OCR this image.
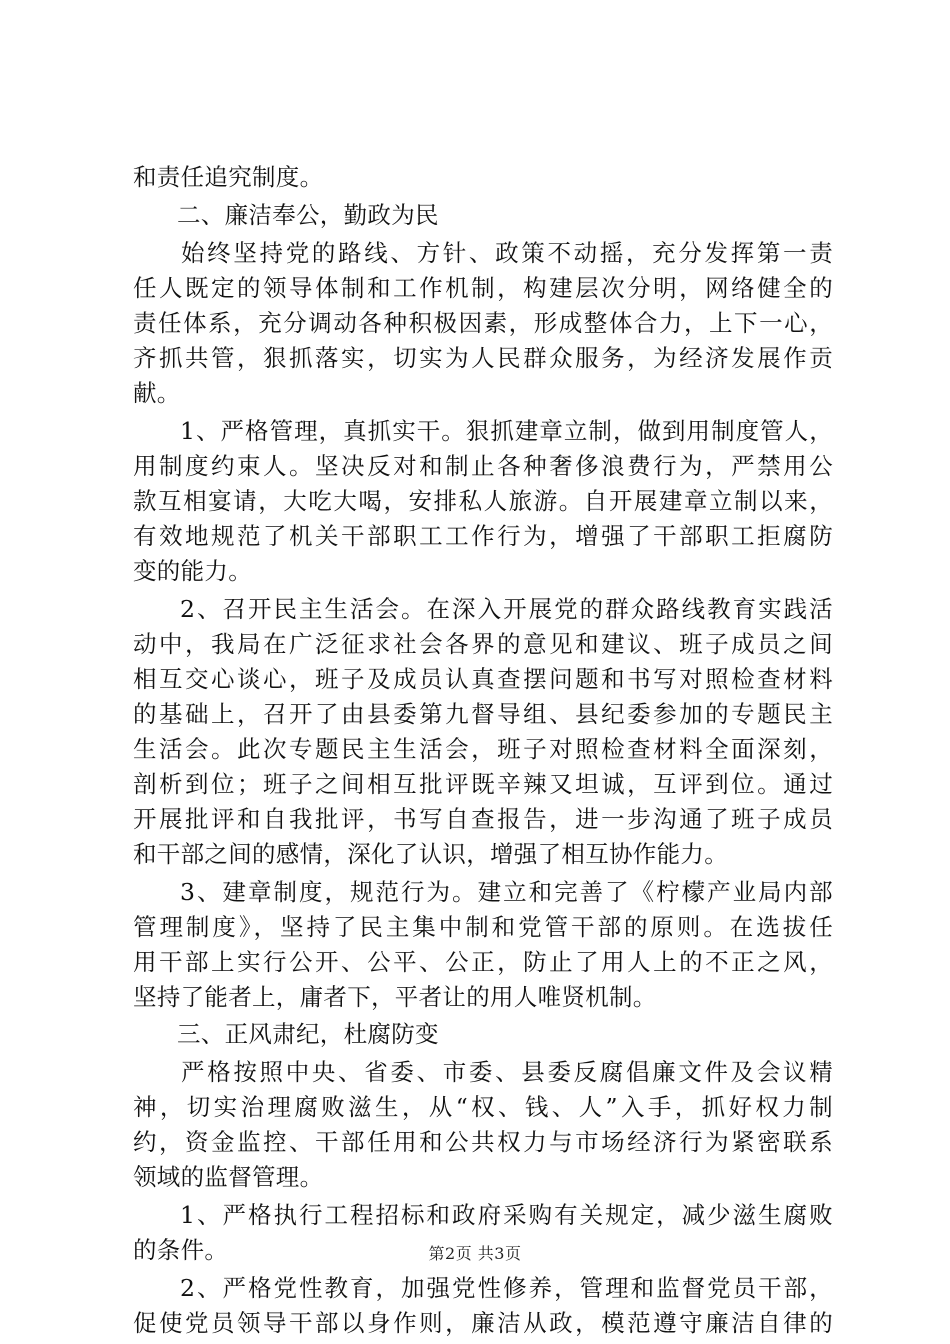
和责任追究制度。
二、廉洁奉公，勤政为民
始终坚持党的路线、方针、政策不动摇，充分发挥第一责
任人既定的领导体制和工作机制，构建层次分明，网络健全的
责任体系，充分调动各种积极因素，形成整体合力，上下一心，
齐抓共管，狠抓落实，切实为人民群众服务，为经济发展作贡
献。
1、严格管理，真抓实干。狠抓建章立制，做到用制度管人，
用制度约束人。坚决反对和制止各种奢侈浪费行为，严禁用公
款互相宴请，大吃大喝，安排私人旅游。自开展建章立制以来，
有效地规范了机关干部职工工作行为，增强了干部职工拒腐防
变的能力。
2、召开民主生活会。在深入开展党的群众路线教育实践活
动中，我局在广泛征求社会各界的意见和建议、班子成员之间
相互交心谈心，班子及成员认真查摆问题和书写对照检查材料
的基础上，召开了由县委第九督导组、县纪委参加的专题民主
生活会。此次专题民主生活会，班子对照检查材料全面深刻，
剖析到位；班子之间相互批评既辛辣又坦诚，互评到位。通过
开展批评和自我批评，书写自查报告，进一步沟通了班子成员
和干部之间的感情，深化了认识，增强了相互协作能力。
3、建章制度，规范行为。建立和完善了《柠檬产业局内部
管理制度》，坚持了民主集中制和党管干部的原则。在选拔任
用干部上实行公开、公平、公正，防止了用人上的不正之风，
坚持了能者上，庸者下，平者让的用人唯贤机制。
三、正风肃纪，杜腐防变
严格按照中央、省委、市委、县委反腐倡廉文件及会议精
神，切实治理腐败滋生，从“权、钱、人”入手，抓好权力制
约，资金监控、干部任用和公共权力与市场经济行为紧密联系
领域的监督管理。
1、严格执行工程招标和政府采购有关规定，减少滋生腐败
的条件。
2、严格党性教育，加强党性修养，管理和监督党员干部，
促使党员领导干部以身作则，廉洁从政，模范遵守廉洁自律的
第2页 共3页
